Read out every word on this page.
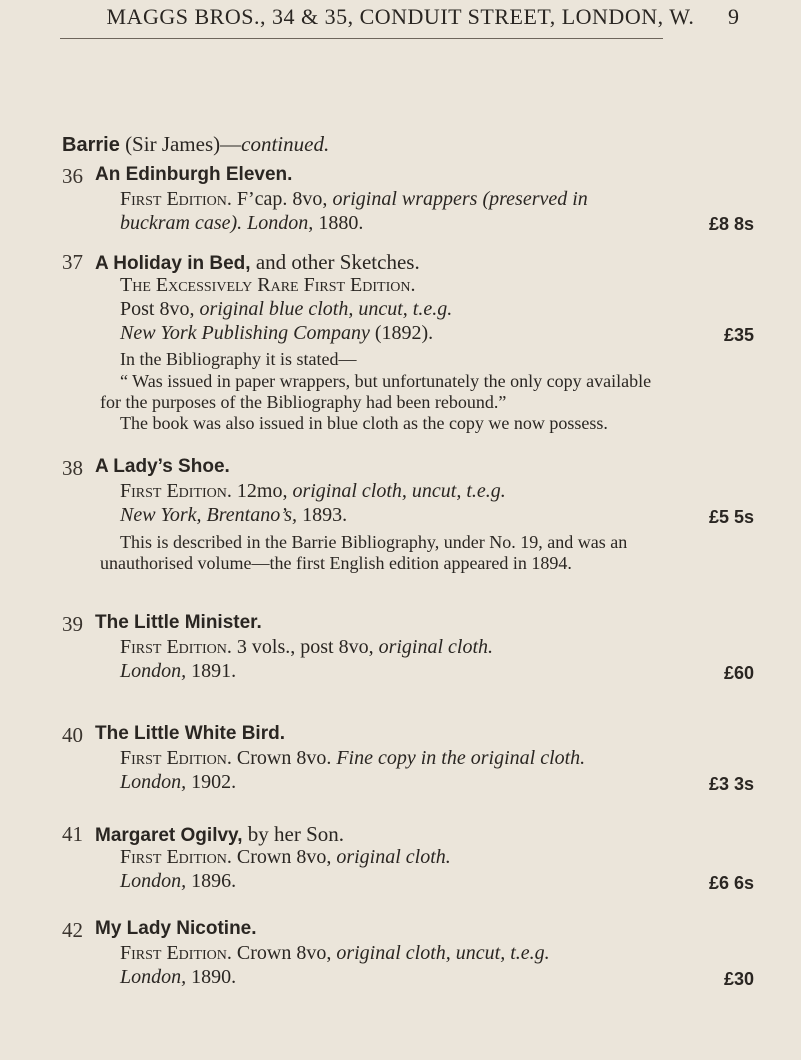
MAGGS BROS., 34 & 35, CONDUIT STREET, LONDON, W.	9
Barrie (Sir James)—continued.
36 An Edinburgh Eleven.
First Edition. F’cap. 8vo, original wrappers (preserved in
buckram case). London, 1880.	£8 8s
37 A Holiday in Bed, and other Sketches.
The Excessively Rare First Edition.
Post 8vo, original blue cloth, uncut, t.e.g.
New York Publishing Company (1892).	£35
In the Bibliography it is stated—
“ Was issued in paper wrappers, but unfortunately the only copy available
for the purposes of the Bibliography had been rebound.”
The book was also issued in blue cloth as the copy we now possess.
38 A Lady’s Shoe.
First Edition. 12mo, original cloth, uncut, t.e.g.
New York, Brentano’s, 1893.	£5 5s
This is described in the Barrie Bibliography, under No. 19, and was an
unauthorised volume—the first English edition appeared in 1894.
39 The Little Minister.
First Edition. 3 vols., post 8vo, original cloth.
London, 1891.	£60
40 The Little White Bird.
First Edition. Crown 8vo. Fine copy in the original cloth.
London, 1902.	£3 3s
41 Margaret Ogilvy, by her Son.
First Edition. Crown 8vo, original cloth.
London, 1896.	£6 6s
42 My Lady Nicotine.
First Edition. Crown 8vo, original cloth, uncut, t.e.g.
London, 1890.	£30
